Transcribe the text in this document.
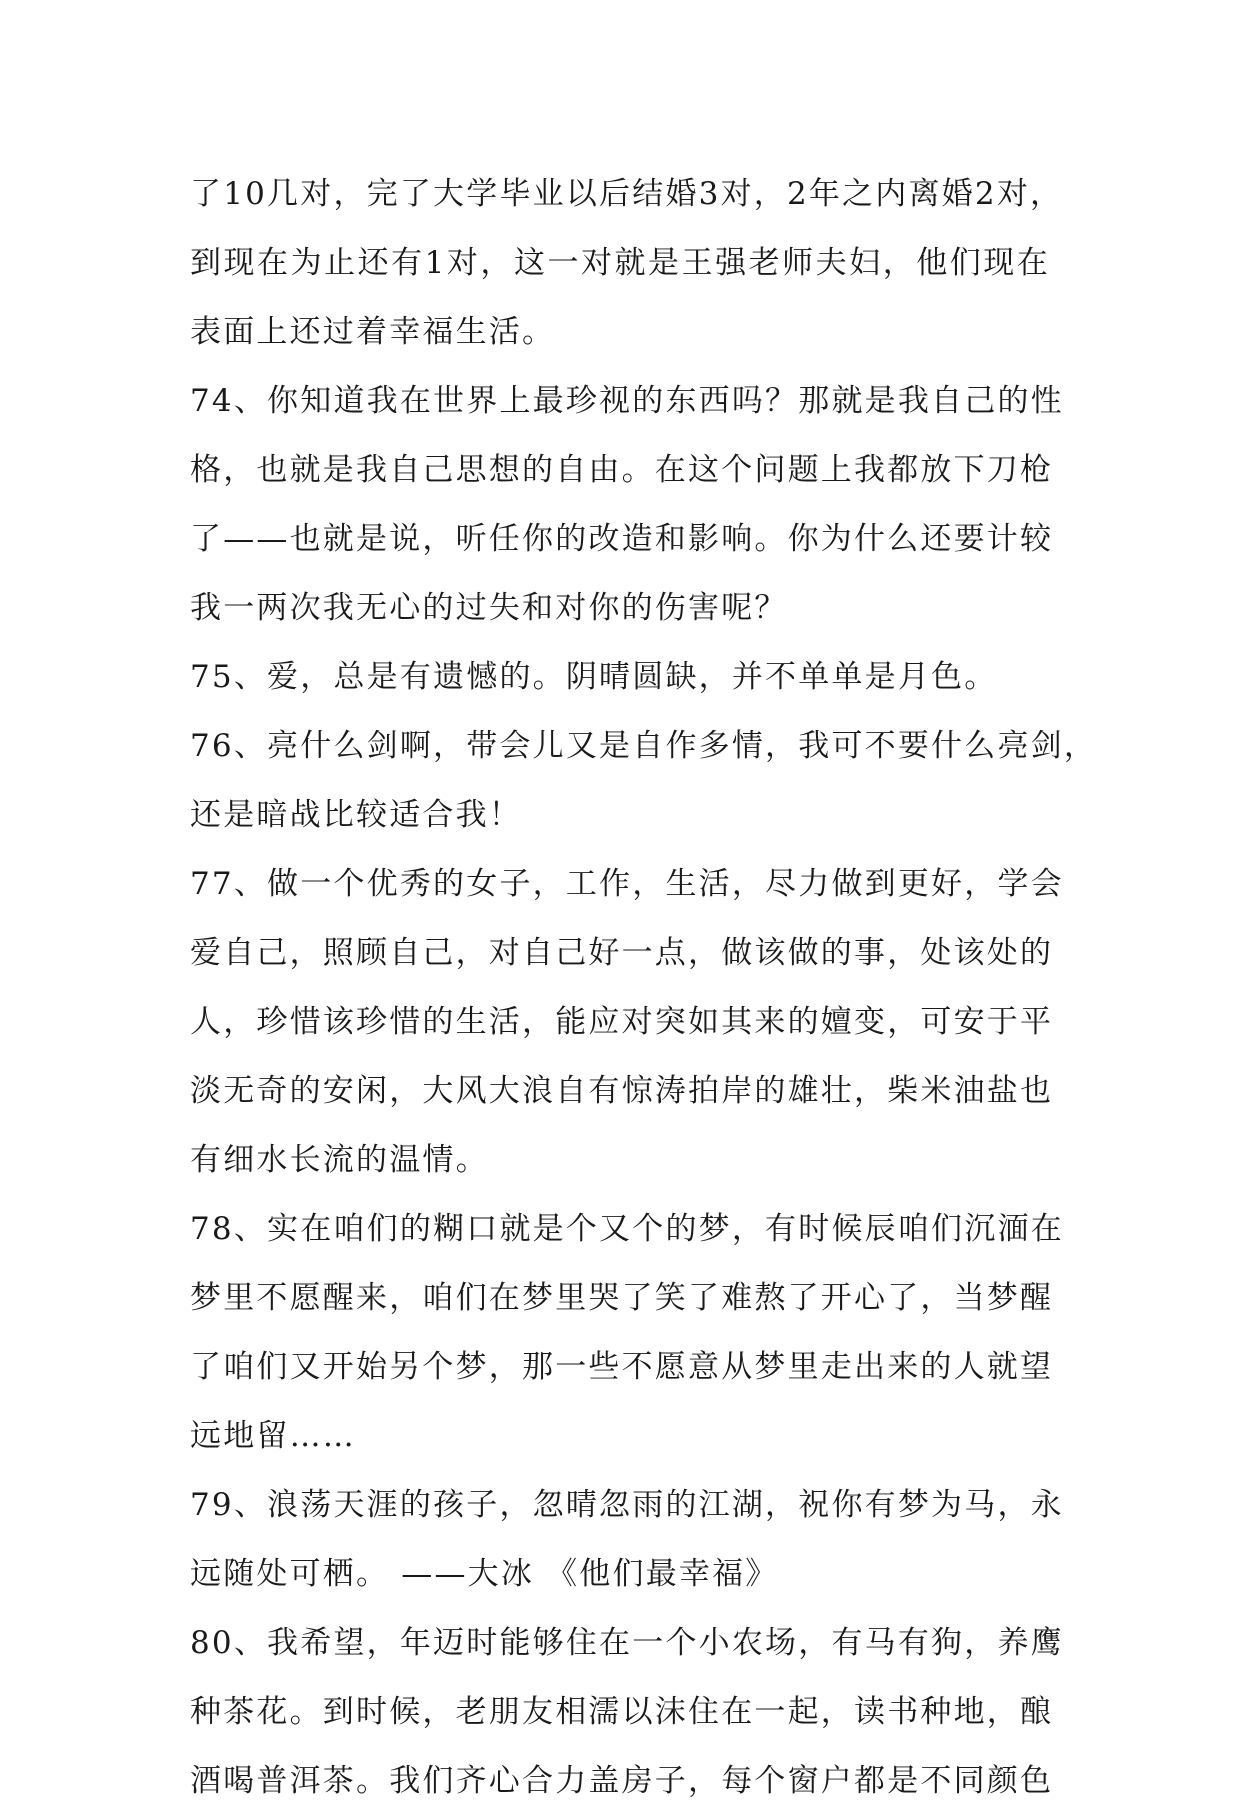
了10几对，完了大学毕业以后结婚3对，2年之内离婚2对，
到现在为止还有1对，这一对就是王强老师夫妇，他们现在
表面上还过着幸福生活。
74、你知道我在世界上最珍视的东西吗？那就是我自己的性
格，也就是我自己思想的自由。在这个问题上我都放下刀枪
了——也就是说，听任你的改造和影响。你为什么还要计较
我一两次我无心的过失和对你的伤害呢？
75、爱，总是有遗憾的。阴晴圆缺，并不单单是月色。
76、亮什么剑啊，带会儿又是自作多情，我可不要什么亮剑，
还是暗战比较适合我！
77、做一个优秀的女子，工作，生活，尽力做到更好，学会
爱自己，照顾自己，对自己好一点，做该做的事，处该处的
人，珍惜该珍惜的生活，能应对突如其来的嬗变，可安于平
淡无奇的安闲，大风大浪自有惊涛拍岸的雄壮，柴米油盐也
有细水长流的温情。
78、实在咱们的糊口就是个又个的梦，有时候辰咱们沉湎在
梦里不愿醒来，咱们在梦里哭了笑了难熬了开心了，当梦醒
了咱们又开始另个梦，那一些不愿意从梦里走出来的人就望
远地留……
79、浪荡天涯的孩子，忽晴忽雨的江湖，祝你有梦为马，永
远随处可栖。 ——大冰 《他们最幸福》
80、我希望，年迈时能够住在一个小农场，有马有狗，养鹰
种茶花。到时候，老朋友相濡以沫住在一起，读书种地，酿
酒喝普洱茶。我们齐心合力盖房子，每个窗户都是不同颜色
